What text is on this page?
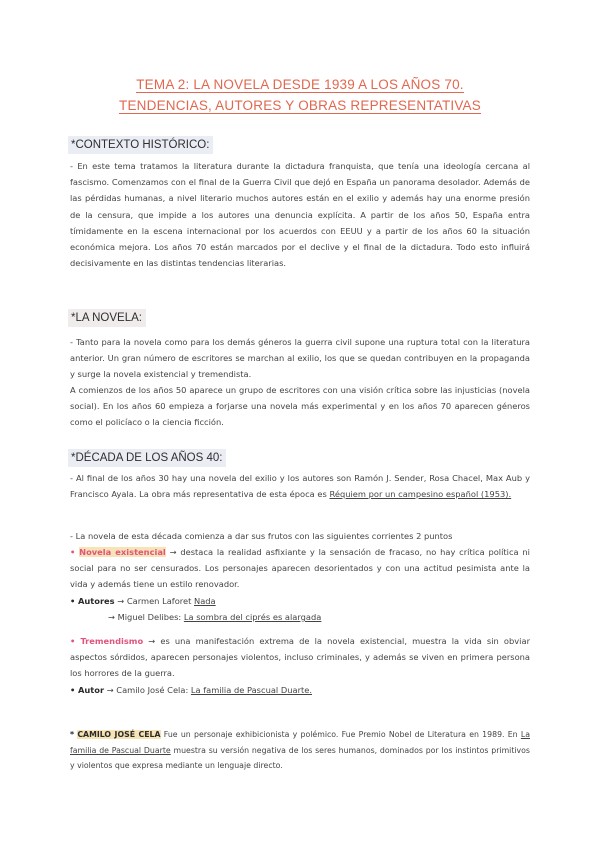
TEMA 2: LA NOVELA DESDE 1939 A LOS AÑOS 70.
TENDENCIAS, AUTORES Y OBRAS REPRESENTATIVAS
*CONTEXTO HISTÓRICO:

- En este tema tratamos la literatura durante la dictadura franquista, que tenía una ideología cercana al fascismo. Comenzamos con el final de la Guerra Civil que dejó en España un panorama desolador. Además de las pérdidas humanas, a nivel literario muchos autores están en el exilio y además hay una enorme presión de la censura, que impide a los autores una denuncia explícita. A partir de los años 50, España entra tímidamente en la escena internacional por los acuerdos con EEUU y a partir de los años 60 la situación económica mejora. Los años 70 están marcados por el declive y el final de la dictadura. Todo esto influirá decisivamente en las distintas tendencias literarias.

*LA NOVELA:

- Tanto para la novela como para los demás géneros la guerra civil supone una ruptura total con la literatura anterior. Un gran número de escritores se marchan al exilio, los que se quedan contribuyen en la propaganda y surge la novela existencial y tremendista.

A comienzos de los años 50 aparece un grupo de escritores con una visión crítica sobre las injusticias (novela social). En los años 60 empieza a forjarse una novela más experimental y en los años 70 aparecen géneros como el policíaco o la ciencia ficción.

*DÉCADA DE LOS AÑOS 40:

- Al final de los años 30 hay una novela del exilio y los autores son Ramón J. Sender, Rosa Chacel, Max Aub y Francisco Ayala. La obra más representativa de esta época es Réquiem por un campesino español (1953).

- La novela de esta década comienza a dar sus frutos con las siguientes corrientes 2 puntos

• Novela existencial → destaca la realidad asfixiante y la sensación de fracaso, no hay crítica política ni social para no ser censurados. Los personajes aparecen desorientados y con una actitud pesimista ante la vida y además tiene un estilo renovador.

• Autores → Carmen Laforet Nada

→ Miguel Delibes: La sombra del ciprés es alargada

• Tremendismo → es una manifestación extrema de la novela existencial, muestra la vida sin obviar aspectos sórdidos, aparecen personajes violentos, incluso criminales, y además se viven en primera persona los horrores de la guerra.

• Autor → Camilo José Cela: La familia de Pascual Duarte.

* CAMILO JOSÉ CELA Fue un personaje exhibicionista y polémico. Fue Premio Nobel de Literatura en 1989. En La familia de Pascual Duarte muestra su versión negativa de los seres humanos, dominados por los instintos primitivos y violentos que expresa mediante un lenguaje directo.
